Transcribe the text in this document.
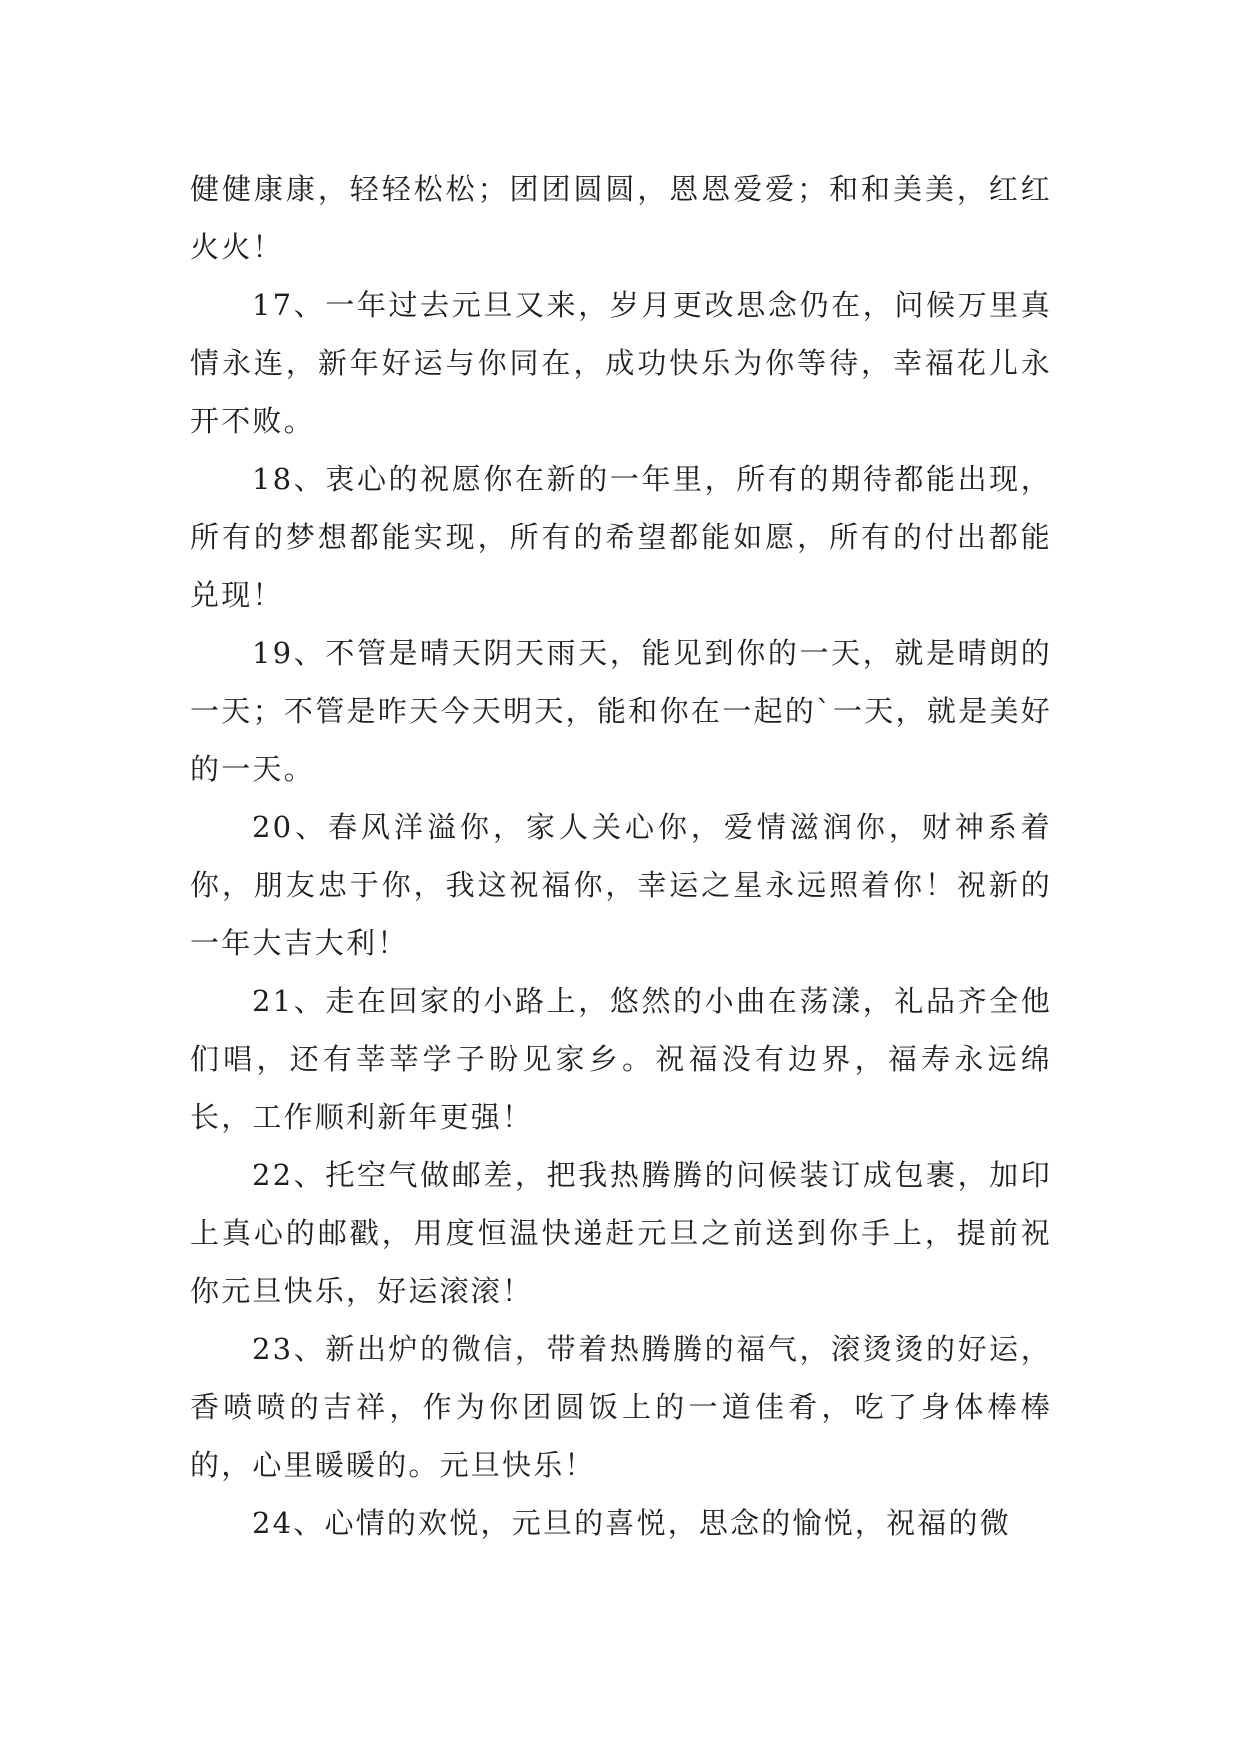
健健康康，轻轻松松；团团圆圆，恩恩爱爱；和和美美，红红火火！

17、一年过去元旦又来，岁月更改思念仍在，问候万里真情永连，新年好运与你同在，成功快乐为你等待，幸福花儿永开不败。

18、衷心的祝愿你在新的一年里，所有的期待都能出现，所有的梦想都能实现，所有的希望都能如愿，所有的付出都能兑现！

19、不管是晴天阴天雨天，能见到你的一天，就是晴朗的一天；不管是昨天今天明天，能和你在一起的`一天，就是美好的一天。

20、春风洋溢你，家人关心你，爱情滋润你，财神系着你，朋友忠于你，我这祝福你，幸运之星永远照着你！祝新的一年大吉大利！

21、走在回家的小路上，悠然的小曲在荡漾，礼品齐全他们唱，还有莘莘学子盼见家乡。祝福没有边界，福寿永远绵长，工作顺利新年更强！

22、托空气做邮差，把我热腾腾的问候装订成包裹，加印上真心的邮戳，用度恒温快递赶元旦之前送到你手上，提前祝你元旦快乐，好运滚滚！

23、新出炉的微信，带着热腾腾的福气，滚烫烫的好运，香喷喷的吉祥，作为你团圆饭上的一道佳肴，吃了身体棒棒的，心里暖暖的。元旦快乐！

24、心情的欢悦，元旦的喜悦，思念的愉悦，祝福的微
